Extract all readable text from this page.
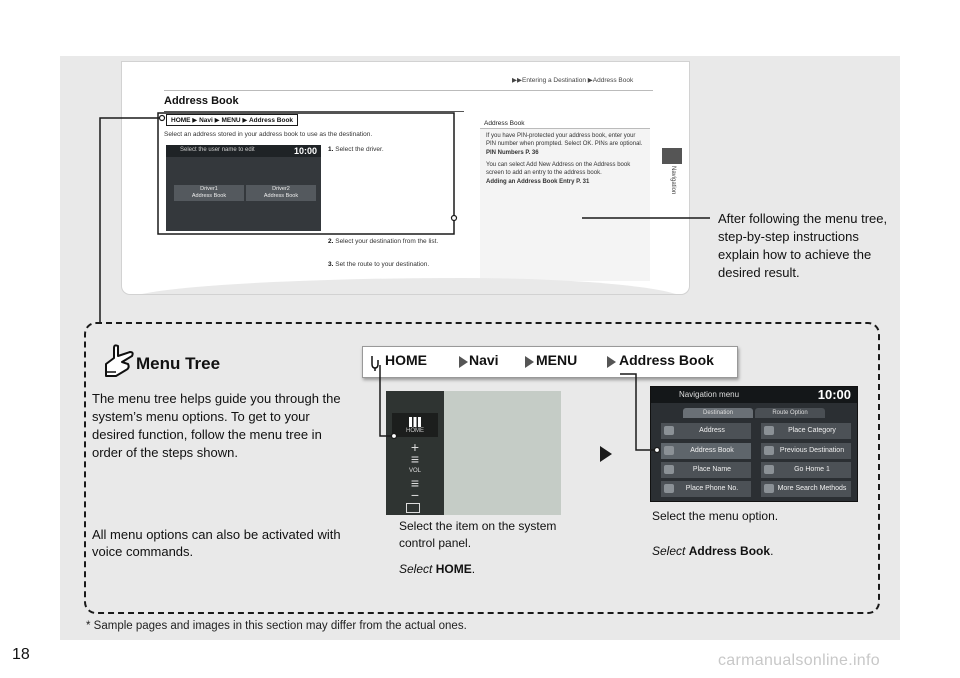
▶▶Entering a Destination ▶Address Book
Address Book
HOME ▶ Navi ▶ MENU ▶ Address Book
Select an address stored in your address book to use as the destination.
Select the user name to edit	10:00
Driver1
Address Book
Driver2
Address Book
1. Select the driver.
2. Select your destination from the list.
3. Set the route to your destination.
Address Book

If you have PIN-protected your address book, enter your PIN number when prompted. Select OK. PINs are optional.

PIN Numbers P. 36

You can select Add New Address on the Address book screen to add an entry to the address book.

Adding an Address Book Entry P. 31	Navigation
After following the menu tree, step-by-step instructions explain how to achieve the desired result.
Menu Tree
The menu tree helps guide you through the system’s menu options. To get to your desired function, follow the menu tree in order of the steps shown.
All menu options can also be activated with voice commands.
HOME	Navi	MENU	Address Book
HOME
+
≡
VOL
≡
−
Navigation menu	10:00
Destination	Route Option
Address	Place Category
Address Book	Previous Destination
Place Name	Go Home 1
Place Phone No.	More Search Methods
Select the item on the system control panel.
Select HOME.
Select the menu option.
Select Address Book.
* Sample pages and images in this section may differ from the actual ones.
18	carmanualsonline.info
